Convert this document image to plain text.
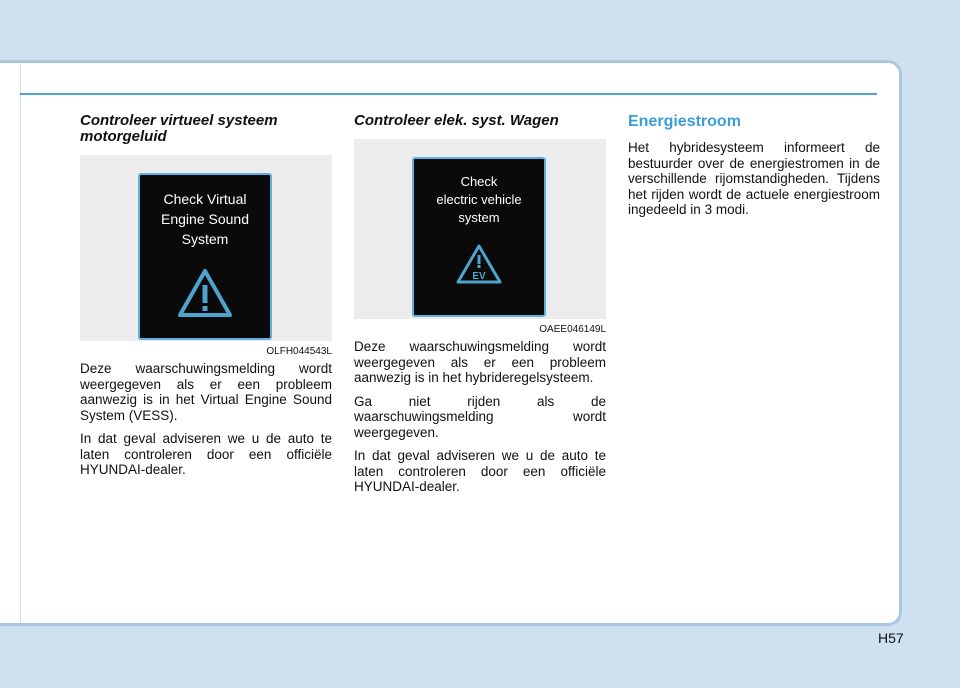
Controleer virtueel systeem motorgeluid
Check Virtual
Engine Sound
System
OLFH044543L

Deze waarschuwingsmelding wordt weergegeven als er een probleem aanwezig is in het Virtual Engine Sound System (VESS).

In dat geval adviseren we u de auto te laten controleren door een officiële HYUNDAI-dealer.

Controleer elek. syst. Wagen
Check
electric vehicle
system
EV
OAEE046149L

Deze waarschuwingsmelding wordt weergegeven als er een probleem aanwezig is in het hybrideregelsysteem.

Ga niet rijden als de waarschuwingsmelding wordt weergegeven.

In dat geval adviseren we u de auto te laten controleren door een officiële HYUNDAI-dealer.

Energiestroom

Het hybridesysteem informeert de bestuurder over de energiestromen in de verschillende rijomstandigheden. Tijdens het rijden wordt de actuele energiestroom ingedeeld in 3 modi.

H57
